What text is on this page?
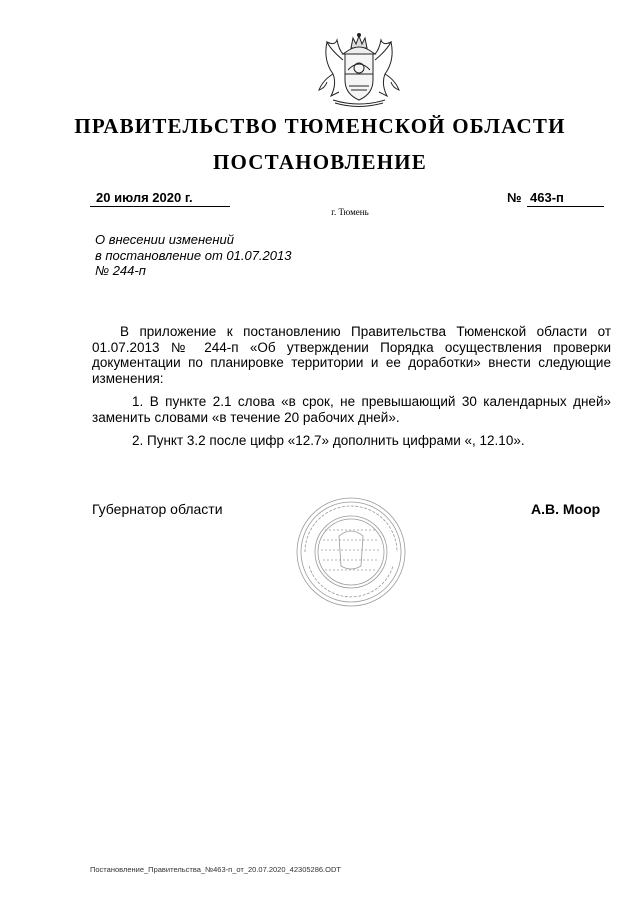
ПРАВИТЕЛЬСТВО ТЮМЕНСКОЙ ОБЛАСТИ
ПОСТАНОВЛЕНИЕ
20 июля 2020 г.	№ 463-п
г. Тюмень
О внесении изменений
в постановление от 01.07.2013
№ 244-п

В приложение к постановлению Правительства Тюменской области от 01.07.2013 № 244-п «Об утверждении Порядка осуществления проверки документации по планировке территории и ее доработки» внести следующие изменения:

1. В пункте 2.1 слова «в срок, не превышающий 30 календарных дней» заменить словами «в течение 20 рабочих дней».

2. Пункт 3.2 после цифр «12.7» дополнить цифрами «, 12.10».

Губернатор области	А.В. Моор
Постановление_Правительства_№463-п_от_20.07.2020_42305286.ODT
